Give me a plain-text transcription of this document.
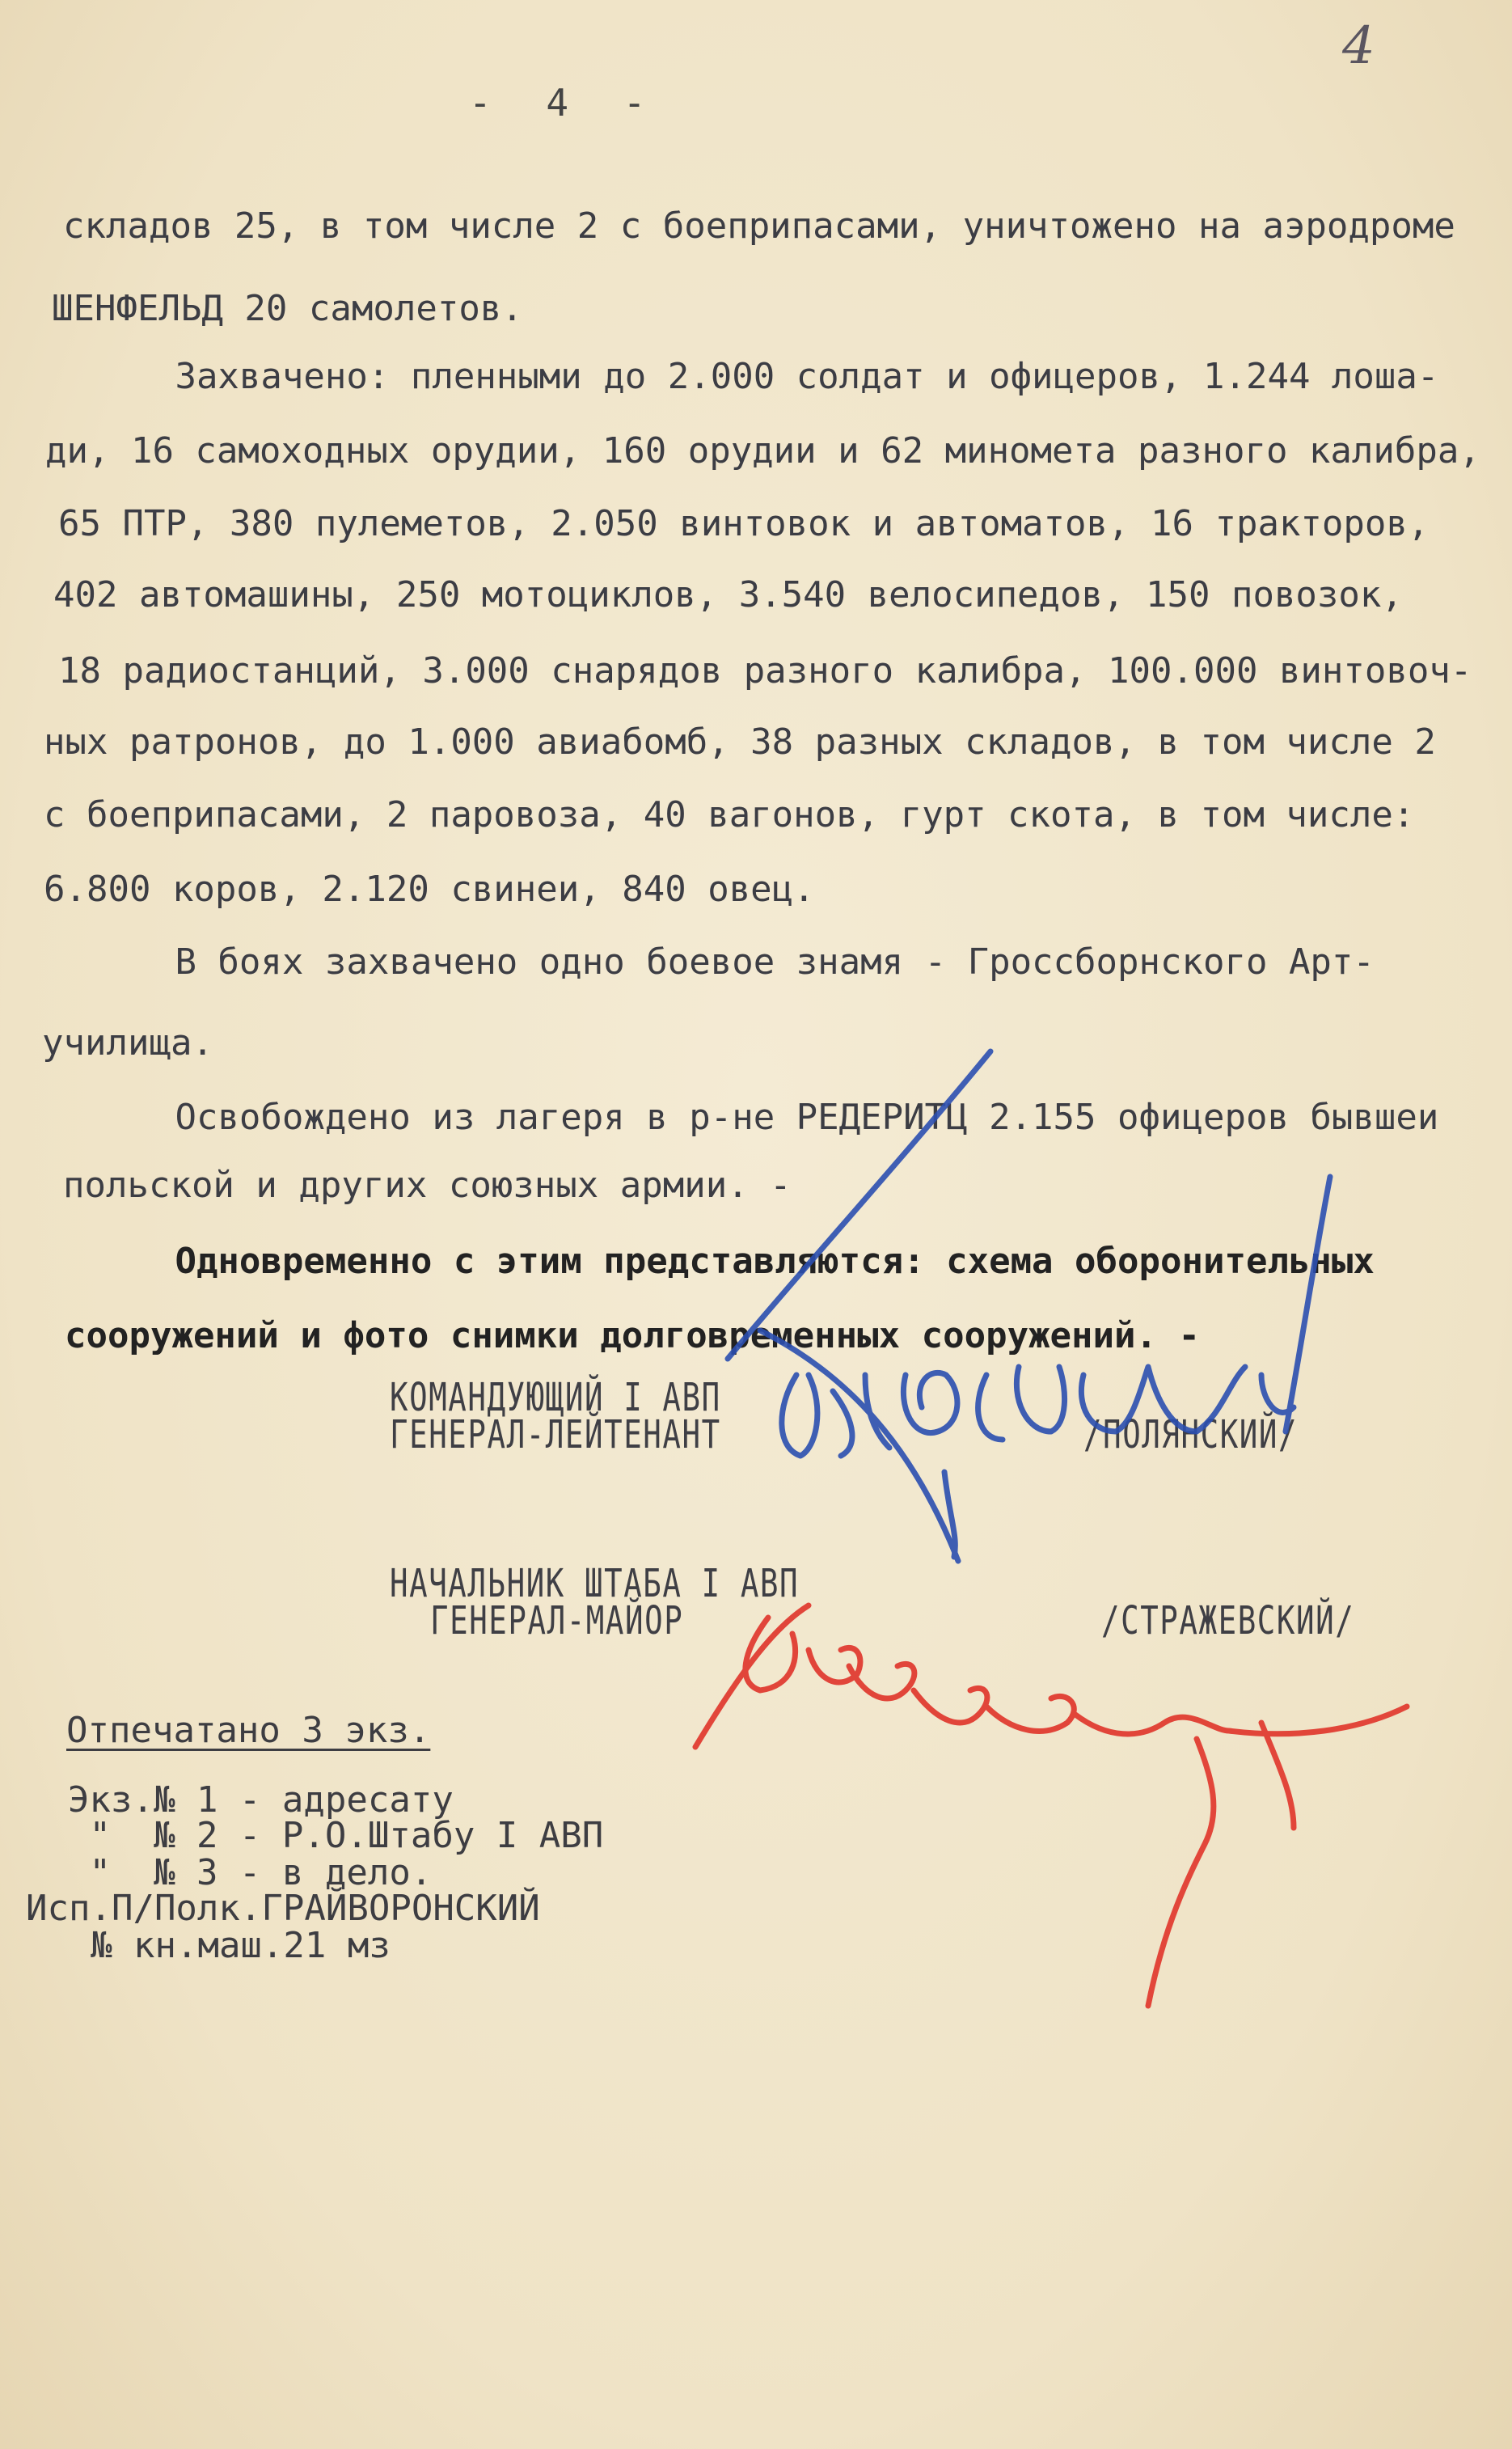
4
- 4 -
складов 25, в том числе 2 с боеприпасами, уничтожено на аэродроме
ШЕНФЕЛЬД 20 самолетов.
Захвачено: пленными до 2.000 солдат и офицеров, 1.244 лоша-
ди, 16 самоходных орудии, 160 орудии и 62 миномета разного калибра,
65 ПТР, 380 пулеметов, 2.050 винтовок и автоматов, 16 тракторов,
402 автомашины, 250 мотоциклов, 3.540 велосипедов, 150 повозок,
18 радиостанций, 3.000 снарядов разного калибра, 100.000 винтовоч-
ных ратронов, до 1.000 авиабомб, 38 разных складов, в том числе 2
с боеприпасами, 2 паровоза, 40 вагонов, гурт скота, в том числе:
6.800 коров, 2.120 свинеи, 840 овец.
В боях захвачено одно боевое знамя - Гроссборнского Арт-
училища.
Освобождено из лагеря в р-не РЕДЕРИТЦ 2.155 офицеров бывшеи
польской и других союзных армии. -
Одновременно с этим представляются: схема оборонительных
сооружений и фото снимки долговременных сооружений. -
КОМАНДУЮЩИЙ I АВП
ГЕНЕРАЛ-ЛЕЙТЕНАНТ	/ПОЛЯНСКИЙ/
НАЧАЛЬНИК ШТАБА I АВП
ГЕНЕРАЛ-МАЙОР	/СТРАЖЕВСКИЙ/
Отпечатано 3 экз.
Экз.№ 1 - адресату
"  № 2 - Р.О.Штабу I АВП
"  № 3 - в дело.
Исп.П/Полк.ГРАЙВОРОНСКИЙ
№ кн.маш.21 мз
